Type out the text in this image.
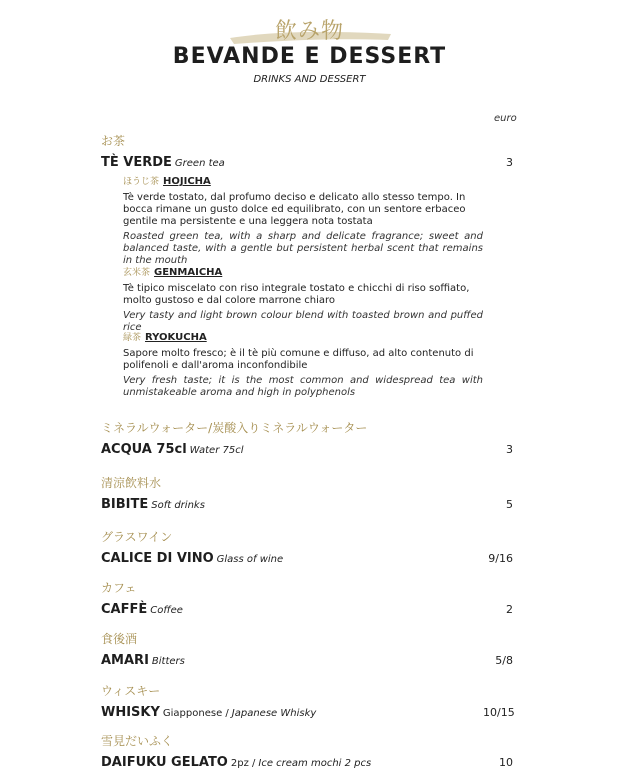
飲み物
BEVANDE E DESSERT
DRINKS AND DESSERT
euro
お茶
TÈ VERDE Green tea	3
ほうじ茶 HOJICHA
Tè verde tostato, dal profumo deciso e delicato allo stesso tempo. In bocca rimane un gusto dolce ed equilibrato, con un sentore erbaceo gentile ma persistente e una leggera nota tostata
Roasted green tea, with a sharp and delicate fragrance; sweet and balanced taste, with a gentle but persistent herbal scent that remains in the mouth
玄米茶 GENMAICHA
Tè tipico miscelato con riso integrale tostato e chicchi di riso soffiato, molto gustoso e dal colore marrone chiaro
Very tasty and light brown colour blend with toasted brown and puffed rice
緑茶 RYOKUCHA
Sapore molto fresco; è il tè più comune e diffuso, ad alto contenuto di polifenoli e dall'aroma inconfondibile
Very fresh taste; it is the most common and widespread tea with unmistakeable aroma and high in polyphenols
ミネラルウォーター/炭酸入りミネラルウォーター
ACQUA 75cl Water 75cl	3
清涼飲料水
BIBITE Soft drinks	5
グラスワイン
CALICE DI VINO Glass of wine	9/16
カフェ
CAFFÈ Coffee	2
食後酒
AMARI Bitters	5/8
ウィスキー
WHISKY Giapponese / Japanese Whisky	10/15
雪見だいふく
DAIFUKU GELATO 2pz / Ice cream mochi 2 pcs	10
